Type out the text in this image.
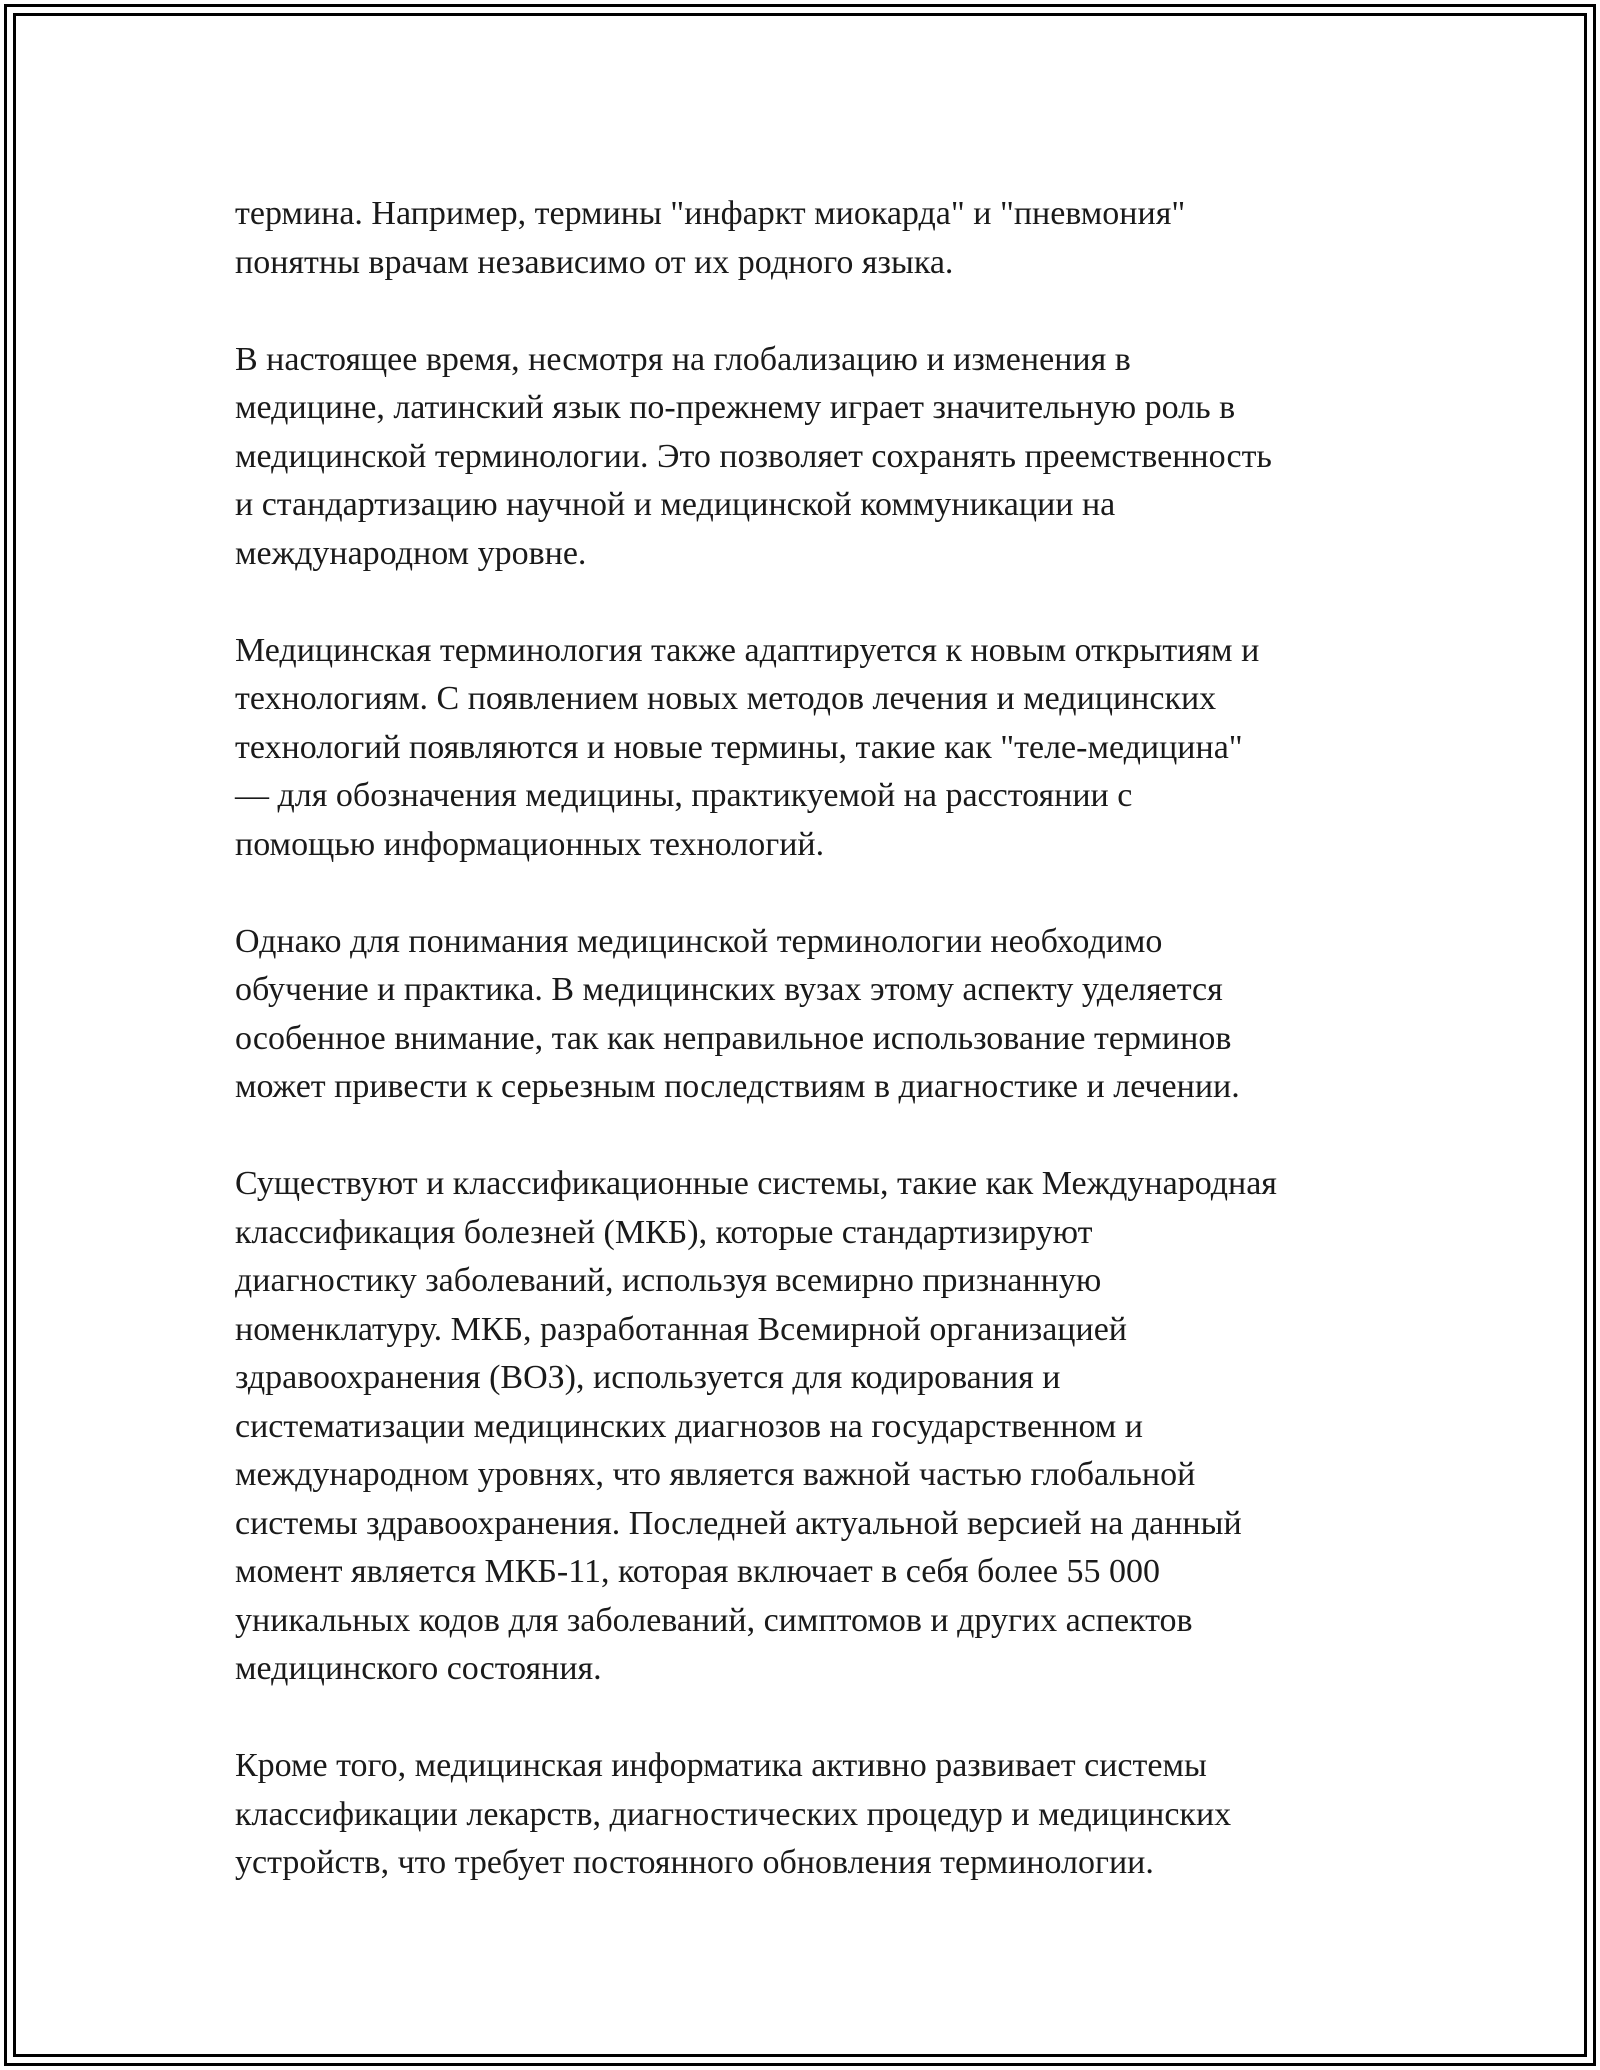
термина. Например, термины "инфаркт миокарда" и "пневмония"
понятны врачам независимо от их родного языка.

В настоящее время, несмотря на глобализацию и изменения в
медицине, латинский язык по-прежнему играет значительную роль в
медицинской терминологии. Это позволяет сохранять преемственность
и стандартизацию научной и медицинской коммуникации на
международном уровне.

Медицинская терминология также адаптируется к новым открытиям и
технологиям. С появлением новых методов лечения и медицинских
технологий появляются и новые термины, такие как "теле-медицина"
— для обозначения медицины, практикуемой на расстоянии с
помощью информационных технологий.

Однако для понимания медицинской терминологии необходимо
обучение и практика. В медицинских вузах этому аспекту уделяется
особенное внимание, так как неправильное использование терминов
может привести к серьезным последствиям в диагностике и лечении.

Существуют и классификационные системы, такие как Международная
классификация болезней (МКБ), которые стандартизируют
диагностику заболеваний, используя всемирно признанную
номенклатуру. МКБ, разработанная Всемирной организацией
здравоохранения (ВОЗ), используется для кодирования и
систематизации медицинских диагнозов на государственном и
международном уровнях, что является важной частью глобальной
системы здравоохранения. Последней актуальной версией на данный
момент является МКБ-11, которая включает в себя более 55 000
уникальных кодов для заболеваний, симптомов и других аспектов
медицинского состояния.

Кроме того, медицинская информатика активно развивает системы
классификации лекарств, диагностических процедур и медицинских
устройств, что требует постоянного обновления терминологии.
